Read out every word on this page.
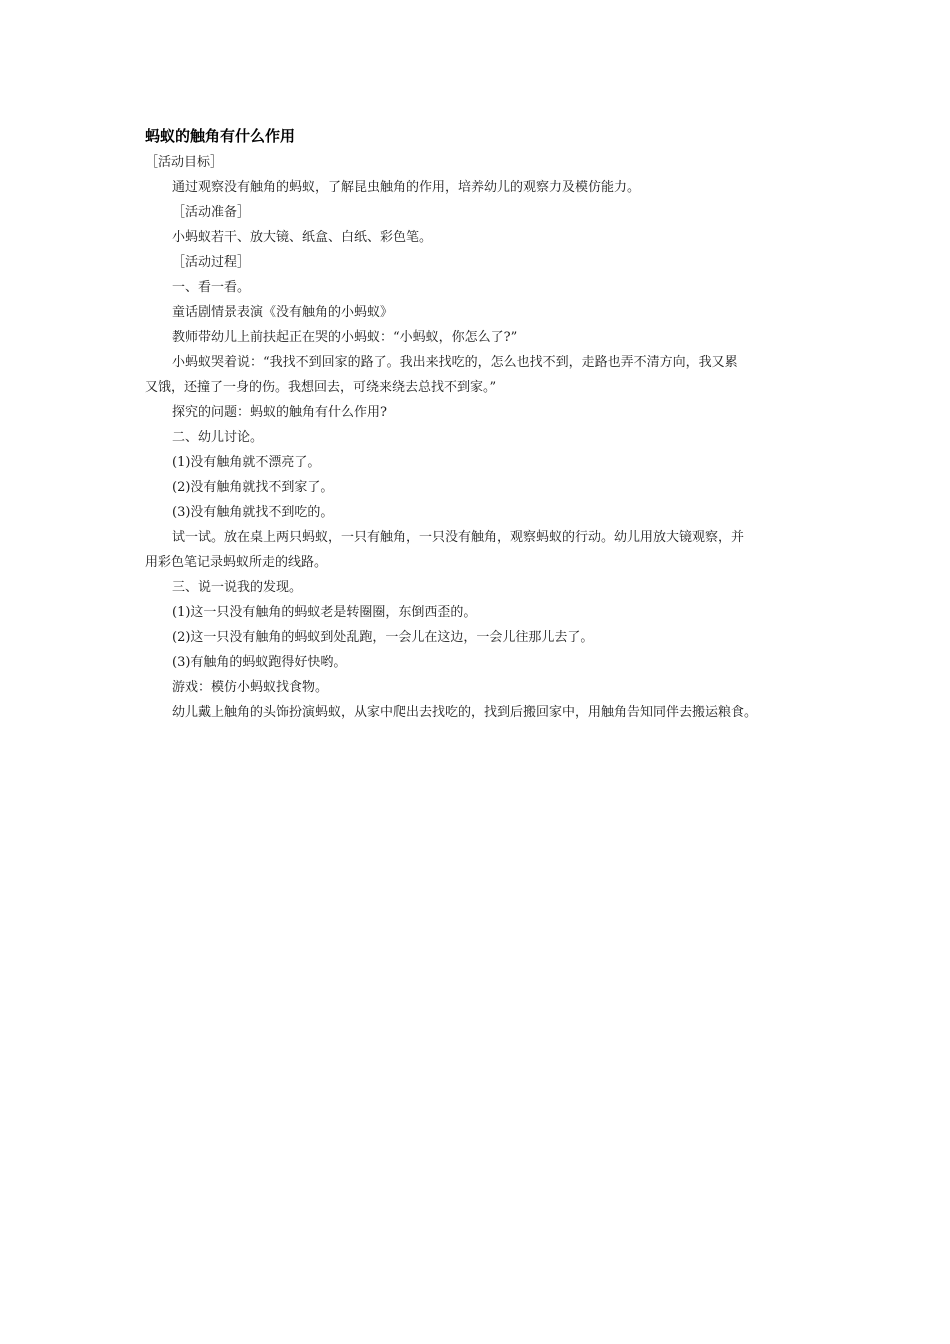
蚂蚁的触角有什么作用
［活动目标］
通过观察没有触角的蚂蚁，了解昆虫触角的作用，培养幼儿的观察力及模仿能力。
［活动准备］
小蚂蚁若干、放大镜、纸盒、白纸、彩色笔。
［活动过程］
一、看一看。
童话剧情景表演《没有触角的小蚂蚁》
教师带幼儿上前扶起正在哭的小蚂蚁：“小蚂蚁，你怎么了?”
小蚂蚁哭着说：“我找不到回家的路了。我出来找吃的，怎么也找不到，走路也弄不清方向，我又累
又饿，还撞了一身的伤。我想回去，可绕来绕去总找不到家。”
探究的问题：蚂蚁的触角有什么作用?
二、幼儿讨论。
(1)没有触角就不漂亮了。
(2)没有触角就找不到家了。
(3)没有触角就找不到吃的。
试一试。放在桌上两只蚂蚁，一只有触角，一只没有触角，观察蚂蚁的行动。幼儿用放大镜观察，并
用彩色笔记录蚂蚁所走的线路。
三、说一说我的发现。
(1)这一只没有触角的蚂蚁老是转圈圈，东倒西歪的。
(2)这一只没有触角的蚂蚁到处乱跑，一会儿在这边，一会儿往那儿去了。
(3)有触角的蚂蚁跑得好快哟。
游戏：模仿小蚂蚁找食物。
幼儿戴上触角的头饰扮演蚂蚁，从家中爬出去找吃的，找到后搬回家中，用触角告知同伴去搬运粮食。
